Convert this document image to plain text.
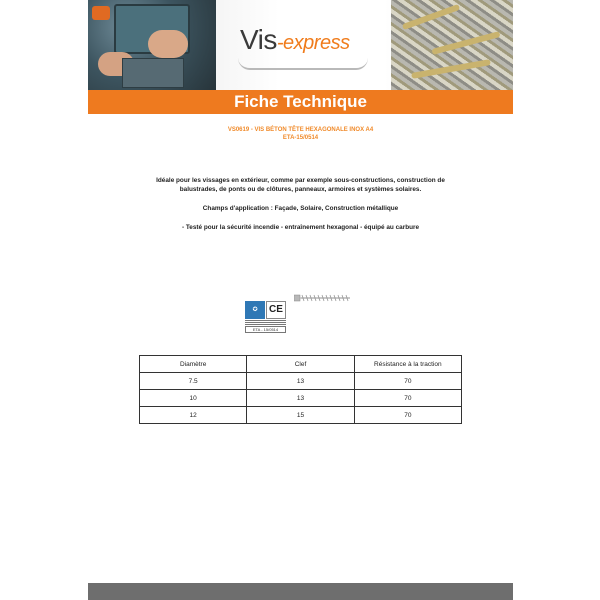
Vis-express
Fiche Technique
VS0619 - VIS BÉTON TÊTE HEXAGONALE INOX A4
ETA-15/0514

Idéale pour les vissages en extérieur, comme par exemple sous-constructions, construction de balustrades, de ponts ou de clôtures, panneaux, armoires et systèmes solaires.

Champs d'application : Façade, Solaire, Construction métallique

- Testé pour la sécurité incendie - entraînement hexagonal - équipé au carbure

✪	CE
ETA - 15/0514
Diamètre	Clef	Résistance à la traction
7.5	13	70
10	13	70
12	15	70
